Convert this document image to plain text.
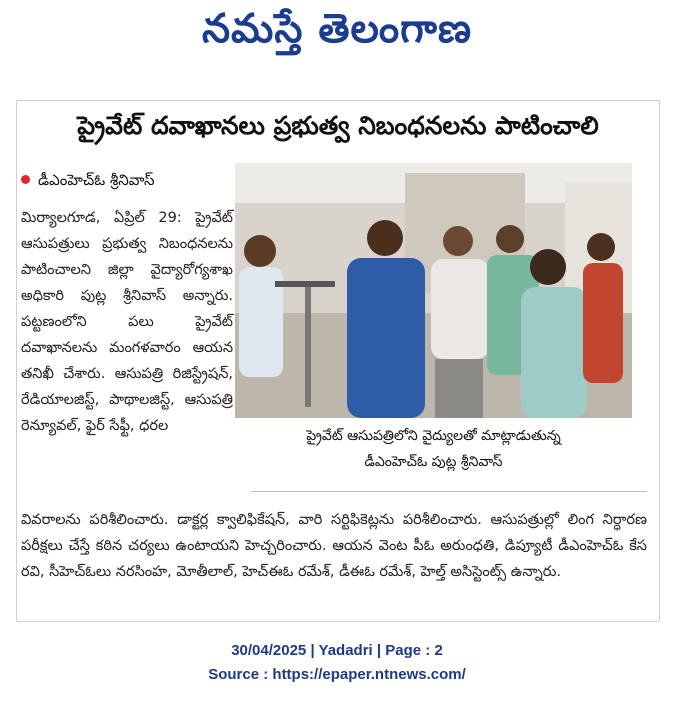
నమస్తే తెలంగాణ
ప్రైవేట్ దవాఖానలు ప్రభుత్వ నిబంధనలను పాటించాలి
డీఎంహెచ్ఓ శ్రీనివాస్
మిర్యాలగూడ, ఏప్రిల్ 29: ప్రైవేట్ ఆసుపత్రులు ప్రభుత్వ నిబంధనలను పాటించాలని జిల్లా వైద్యారోగ్యశాఖ అధికారి పుట్ల శ్రీనివాస్ అన్నారు. పట్టణంలోని పలు ప్రైవేట్ దవాఖానలను మంగళవారం ఆయన తనిఖీ చేశారు. ఆసుపత్రి రిజిస్ట్రేషన్, రేడియాలజిస్ట్, పాథాలజిస్ట్, ఆసుపత్రి రెన్యూవల్, ఫైర్ సేఫ్టీ, ధరల
ప్రైవేట్ ఆసుపత్రిలోని వైద్యులతో మాట్లాడుతున్న
డీఎంహెచ్ఓ పుట్ల శ్రీనివాస్
వివరాలను పరిశీలించారు. డాక్టర్ల క్వాలిఫికేషన్, వారి సర్టిఫికెట్లను పరిశీలించారు. ఆసుపత్రుల్లో లింగ నిర్ధారణ పరీక్షలు చేస్తే కఠిన చర్యలు ఉంటాయని హెచ్చరించారు. ఆయన వెంట పీఓ అరుంధతి, డిప్యూటీ డీఎంహెచ్ఓ కేస రవి, సీహెచ్ఓలు నరసింహ, మోతీలాల్, హెచ్ఈఓ రమేశ్, డీఈఓ రమేశ్, హెల్త్ అసిస్టెంట్స్ ఉన్నారు.
30/04/2025 | Yadadri | Page : 2
Source : https://epaper.ntnews.com/
